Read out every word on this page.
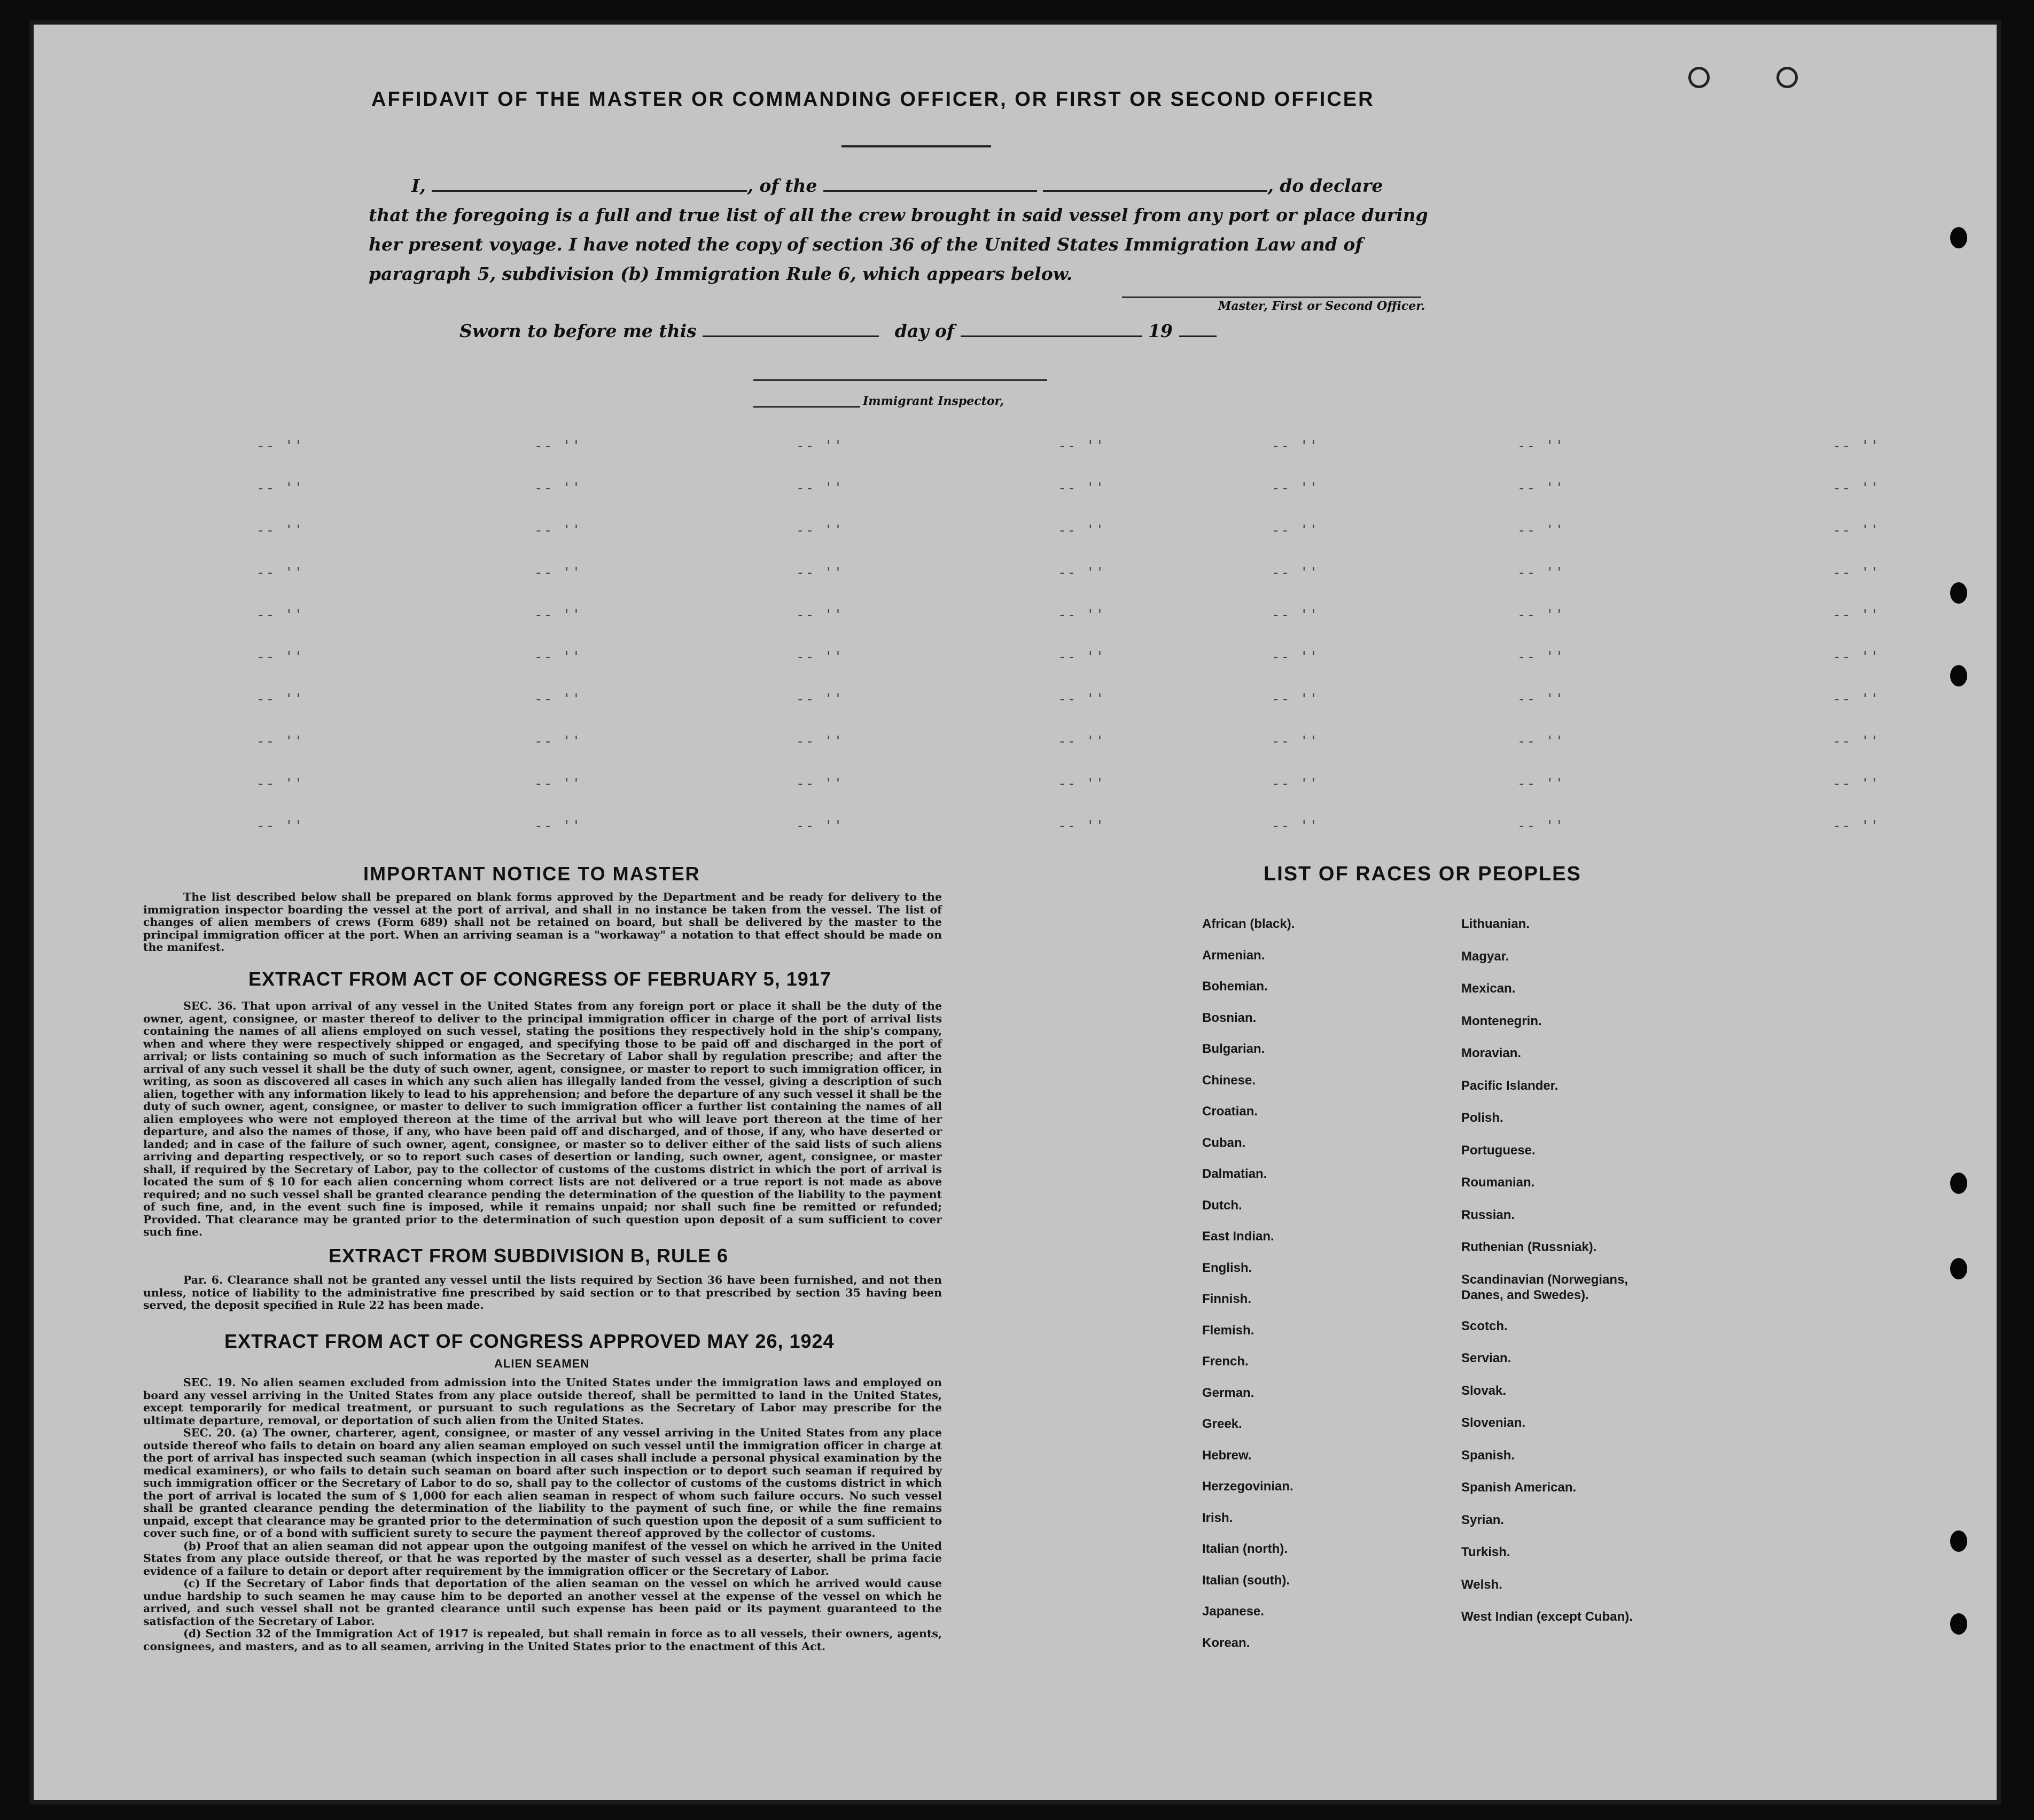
AFFIDAVIT OF THE MASTER OR COMMANDING OFFICER, OR FIRST OR SECOND OFFICER
I,	, of the	, do declare
that the foregoing is a full and true list of all the crew brought in said vessel from any port or place during her present voyage. I have noted the copy of section 36 of the United States Immigration Law and of paragraph 5, subdivision (b) Immigration Rule 6, which appears below.
Master, First or Second Officer.
Sworn to before me this	day of	19
Immigrant Inspector,
-- ''	-- ''	-- ''	-- ''	-- ''	-- ''	-- ''
-- ''	-- ''	-- ''	-- ''	-- ''	-- ''	-- ''
-- ''	-- ''	-- ''	-- ''	-- ''	-- ''	-- ''
-- ''	-- ''	-- ''	-- ''	-- ''	-- ''	-- ''
-- ''	-- ''	-- ''	-- ''	-- ''	-- ''	-- ''
-- ''	-- ''	-- ''	-- ''	-- ''	-- ''	-- ''
-- ''	-- ''	-- ''	-- ''	-- ''	-- ''	-- ''
-- ''	-- ''	-- ''	-- ''	-- ''	-- ''	-- ''
-- ''	-- ''	-- ''	-- ''	-- ''	-- ''	-- ''
-- ''	-- ''	-- ''	-- ''	-- ''	-- ''	-- ''
IMPORTANT NOTICE TO MASTER
The list described below shall be prepared on blank forms approved by the Department and be ready for delivery to the immigration inspector boarding the vessel at the port of arrival, and shall in no instance be taken from the vessel. The list of changes of alien members of crews (Form 689) shall not be retained on board, but shall be delivered by the master to the principal immigration officer at the port. When an arriving seaman is a "workaway" a notation to that effect should be made on the manifest.
EXTRACT FROM ACT OF CONGRESS OF FEBRUARY 5, 1917
SEC. 36. That upon arrival of any vessel in the United States from any foreign port or place it shall be the duty of the owner, agent, consignee, or master thereof to deliver to the principal immigration officer in charge of the port of arrival lists containing the names of all aliens employed on such vessel, stating the positions they respectively hold in the ship's company, when and where they were respectively shipped or engaged, and specifying those to be paid off and discharged in the port of arrival; or lists containing so much of such information as the Secretary of Labor shall by regulation prescribe; and after the arrival of any such vessel it shall be the duty of such owner, agent, consignee, or master to report to such immigration officer, in writing, as soon as discovered all cases in which any such alien has illegally landed from the vessel, giving a description of such alien, together with any information likely to lead to his apprehension; and before the departure of any such vessel it shall be the duty of such owner, agent, consignee, or master to deliver to such immigration officer a further list containing the names of all alien employees who were not employed thereon at the time of the arrival but who will leave port thereon at the time of her departure, and also the names of those, if any, who have been paid off and discharged, and of those, if any, who have deserted or landed; and in case of the failure of such owner, agent, consignee, or master so to deliver either of the said lists of such aliens arriving and departing respectively, or so to report such cases of desertion or landing, such owner, agent, consignee, or master shall, if required by the Secretary of Labor, pay to the collector of customs of the customs district in which the port of arrival is located the sum of $ 10 for each alien concerning whom correct lists are not delivered or a true report is not made as above required; and no such vessel shall be granted clearance pending the determination of the question of the liability to the payment of such fine, and, in the event such fine is imposed, while it remains unpaid; nor shall such fine be remitted or refunded; Provided. That clearance may be granted prior to the determination of such question upon deposit of a sum sufficient to cover such fine.
EXTRACT FROM SUBDIVISION B, RULE 6
Par. 6. Clearance shall not be granted any vessel until the lists required by Section 36 have been furnished, and not then unless, notice of liability to the administrative fine prescribed by said section or to that prescribed by section 35 having been served, the deposit specified in Rule 22 has been made.
EXTRACT FROM ACT OF CONGRESS APPROVED MAY 26, 1924
ALIEN SEAMEN
SEC. 19. No alien seamen excluded from admission into the United States under the immigration laws and employed on board any vessel arriving in the United States from any place outside thereof, shall be permitted to land in the United States, except temporarily for medical treatment, or pursuant to such regulations as the Secretary of Labor may prescribe for the ultimate departure, removal, or deportation of such alien from the United States.
SEC. 20. (a) The owner, charterer, agent, consignee, or master of any vessel arriving in the United States from any place outside thereof who fails to detain on board any alien seaman employed on such vessel until the immigration officer in charge at the port of arrival has inspected such seaman (which inspection in all cases shall include a personal physical examination by the medical examiners), or who fails to detain such seaman on board after such inspection or to deport such seaman if required by such immigration officer or the Secretary of Labor to do so, shall pay to the collector of customs of the customs district in which the port of arrival is located the sum of $ 1,000 for each alien seaman in respect of whom such failure occurs. No such vessel shall be granted clearance pending the determination of the liability to the payment of such fine, or while the fine remains unpaid, except that clearance may be granted prior to the determination of such question upon the deposit of a sum sufficient to cover such fine, or of a bond with sufficient surety to secure the payment thereof approved by the collector of customs.
(b) Proof that an alien seaman did not appear upon the outgoing manifest of the vessel on which he arrived in the United States from any place outside thereof, or that he was reported by the master of such vessel as a deserter, shall be prima facie evidence of a failure to detain or deport after requirement by the immigration officer or the Secretary of Labor.
(c) If the Secretary of Labor finds that deportation of the alien seaman on the vessel on which he arrived would cause undue hardship to such seamen he may cause him to be deported an another vessel at the expense of the vessel on which he arrived, and such vessel shall not be granted clearance until such expense has been paid or its payment guaranteed to the satisfaction of the Secretary of Labor.
(d) Section 32 of the Immigration Act of 1917 is repealed, but shall remain in force as to all vessels, their owners, agents, consignees, and masters, and as to all seamen, arriving in the United States prior to the enactment of this Act.
LIST OF RACES OR PEOPLES
African (black).
Armenian.
Bohemian.
Bosnian.
Bulgarian.
Chinese.
Croatian.
Cuban.
Dalmatian.
Dutch.
East Indian.
English.
Finnish.
Flemish.
French.
German.
Greek.
Hebrew.
Herzegovinian.
Irish.
Italian (north).
Italian (south).
Japanese.
Korean.
Lithuanian.
Magyar.
Mexican.
Montenegrin.
Moravian.
Pacific Islander.
Polish.
Portuguese.
Roumanian.
Russian.
Ruthenian (Russniak).
Scandinavian (Norwegians, Danes, and Swedes).
Scotch.
Servian.
Slovak.
Slovenian.
Spanish.
Spanish American.
Syrian.
Turkish.
Welsh.
West Indian (except Cuban).
